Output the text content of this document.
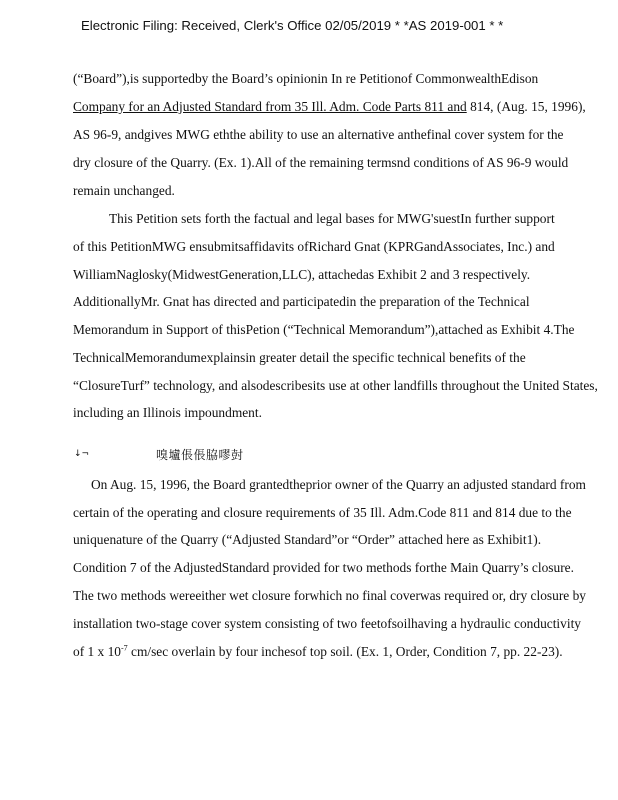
Electronic Filing: Received, Clerk's Office 02/05/2019 * *AS 2019-001 * *
(“Board”),is supportedby the Board’s opinionin In re Petitionof CommonwealthEdison
Company for an Adjusted Standard from 35 Ill. Adm. Code Parts 811 and 814, (Aug. 15, 1996),
AS 96-9, andgives MWG eththe ability to use an alternative anthefinal cover system for the
dry closure of the Quarry. (Ex. 1).All of the remaining termsnd conditions of AS 96-9 would
remain unchanged.
This Petition sets forth the factual and legal bases for MWG'suestIn further support
of this PetitionMWG ensubmitsaffidavits ofRichard Gnat (KPRGandAssociates, Inc.) and
WilliamNaglosky(MidwestGeneration,LLC), attachedas Exhibit 2 and 3 respectively.
AdditionallyMr. Gnat has directed and participatedin the preparation of the Technical
Memorandum in Support of thisPetion (“Technical Memorandum”),attached as Exhibit 4.The
TechnicalMemorandumexplainsin greater detail the specific technical benefits of the
“ClosureTurf” technology, and alsodescribesits use at other landfills throughout the United States,
including an Illinois impoundment.
↓¬	嗅壚倀倀脇嘐尌
On Aug. 15, 1996, the Board grantedtheprior owner of the Quarry an adjusted standard from
certain of the operating and closure requirements of 35 Ill. Adm.Code 811 and 814 due to the
uniquenature of the Quarry (“Adjusted Standard”or “Order” attached here as Exhibit1).
Condition 7 of the AdjustedStandard provided for two methods forthe Main Quarry’s closure.
The two methods wereeither wet closure forwhich no final coverwas required or, dry closure by
installation two-stage cover system consisting of two feetofsoilhaving a hydraulic conductivity
of 1 x $10^{-7}$ cm/sec overlain by four inchesof top soil. (Ex. 1, Order, Condition 7, pp. 22-23).
